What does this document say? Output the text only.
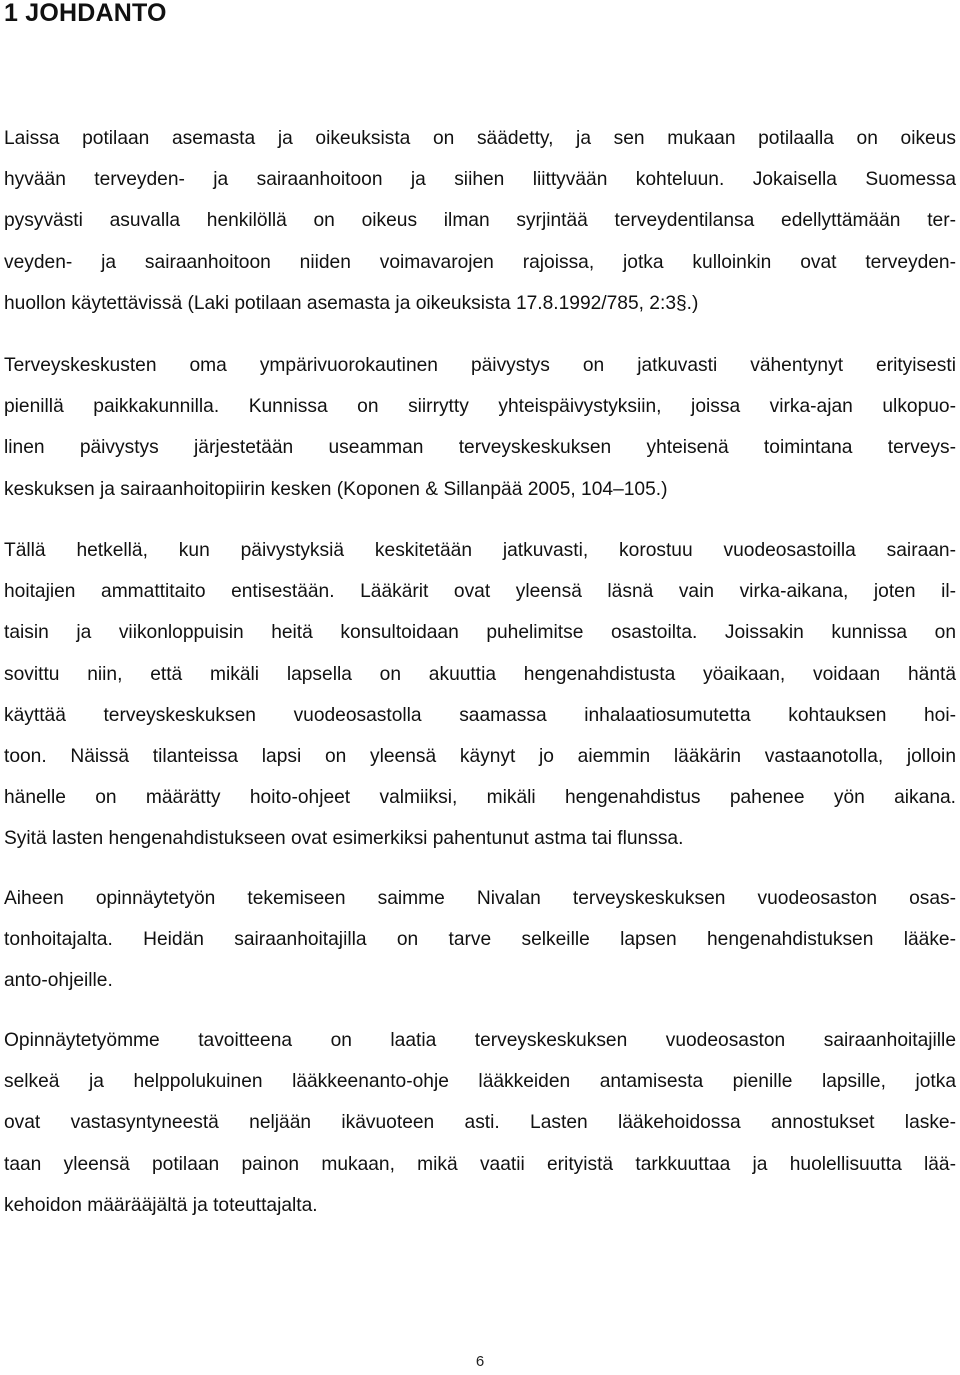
1 JOHDANTO

Laissa potilaan asemasta ja oikeuksista on säädetty, ja sen mukaan potilaalla on oikeus
hyvään terveyden- ja sairaanhoitoon ja siihen liittyvään kohteluun. Jokaisella Suomessa
pysyvästi asuvalla henkilöllä on oikeus ilman syrjintää terveydentilansa edellyttämään ter-
veyden- ja sairaanhoitoon niiden voimavarojen rajoissa, jotka kulloinkin ovat terveyden-
huollon käytettävissä (Laki potilaan asemasta ja oikeuksista 17.8.1992/785, 2:3§.)

Terveyskeskusten oma ympärivuorokautinen päivystys on jatkuvasti vähentynyt erityisesti
pienillä paikkakunnilla. Kunnissa on siirrytty yhteispäivystyksiin, joissa virka-ajan ulkopuo-
linen päivystys järjestetään useamman terveyskeskuksen yhteisenä toimintana terveys-
keskuksen ja sairaanhoitopiirin kesken (Koponen & Sillanpää 2005, 104–105.)

Tällä hetkellä, kun päivystyksiä keskitetään jatkuvasti, korostuu vuodeosastoilla sairaan-
hoitajien ammattitaito entisestään. Lääkärit ovat yleensä läsnä vain virka-aikana, joten il-
taisin ja viikonloppuisin heitä konsultoidaan puhelimitse osastoilta. Joissakin kunnissa on
sovittu niin, että mikäli lapsella on akuuttia hengenahdistusta yöaikaan, voidaan häntä
käyttää terveyskeskuksen vuodeosastolla saamassa inhalaatiosumutetta kohtauksen hoi-
toon. Näissä tilanteissa lapsi on yleensä käynyt jo aiemmin lääkärin vastaanotolla, jolloin
hänelle on määrätty hoito-ohjeet valmiiksi, mikäli hengenahdistus pahenee yön aikana.
Syitä lasten hengenahdistukseen ovat esimerkiksi pahentunut astma tai flunssa.

Aiheen opinnäytetyön tekemiseen saimme Nivalan terveyskeskuksen vuodeosaston osas-
tonhoitajalta. Heidän sairaanhoitajilla on tarve selkeille lapsen hengenahdistuksen lääke-
anto-ohjeille.

Opinnäytetyömme tavoitteena on laatia terveyskeskuksen vuodeosaston sairaanhoitajille
selkeä ja helppolukuinen lääkkeenanto-ohje lääkkeiden antamisesta pienille lapsille, jotka
ovat vastasyntyneestä neljään ikävuoteen asti. Lasten lääkehoidossa annostukset laske-
taan yleensä potilaan painon mukaan, mikä vaatii erityistä tarkkuuttaa ja huolellisuutta lää-
kehoidon määrääjältä ja toteuttajalta.

6
